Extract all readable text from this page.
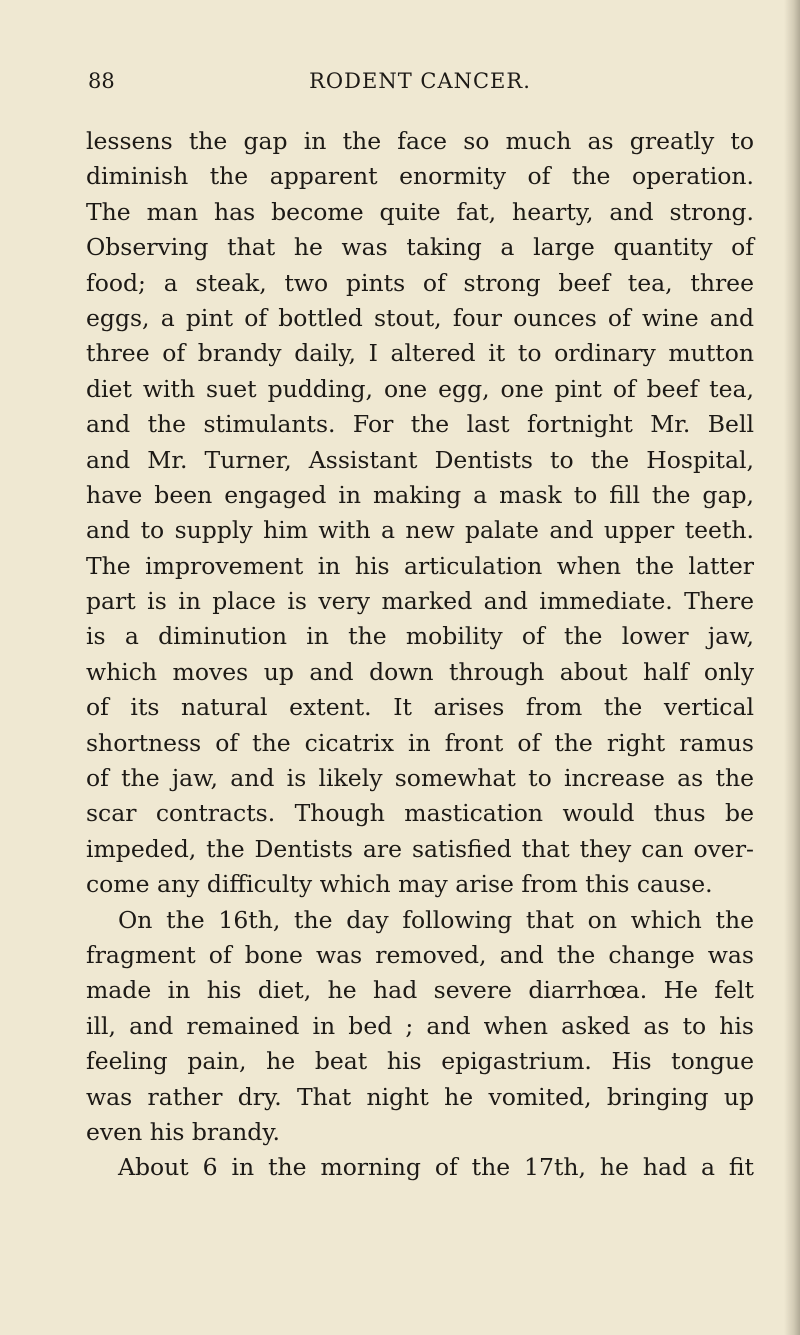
88	RODENT CANCER.
lessens the gap in the face so much as greatly to
diminish the apparent enormity of the operation.
The man has become quite fat, hearty, and strong.
Observing that he was taking a large quantity of
food; a steak, two pints of strong beef tea, three
eggs, a pint of bottled stout, four ounces of wine and
three of brandy daily, I altered it to ordinary mutton
diet with suet pudding, one egg, one pint of beef tea,
and the stimulants. For the last fortnight Mr. Bell
and Mr. Turner, Assistant Dentists to the Hospital,
have been engaged in making a mask to fill the gap,
and to supply him with a new palate and upper teeth.
The improvement in his articulation when the latter
part is in place is very marked and immediate. There
is a diminution in the mobility of the lower jaw,
which moves up and down through about half only
of its natural extent. It arises from the vertical
shortness of the cicatrix in front of the right ramus
of the jaw, and is likely somewhat to increase as the
scar contracts. Though mastication would thus be
impeded, the Dentists are satisfied that they can over-
come any difficulty which may arise from this cause.
On the 16th, the day following that on which the
fragment of bone was removed, and the change was
made in his diet, he had severe diarrhœa. He felt
ill, and remained in bed ; and when asked as to his
feeling pain, he beat his epigastrium. His tongue
was rather dry. That night he vomited, bringing up
even his brandy.
About 6 in the morning of the 17th, he had a fit
